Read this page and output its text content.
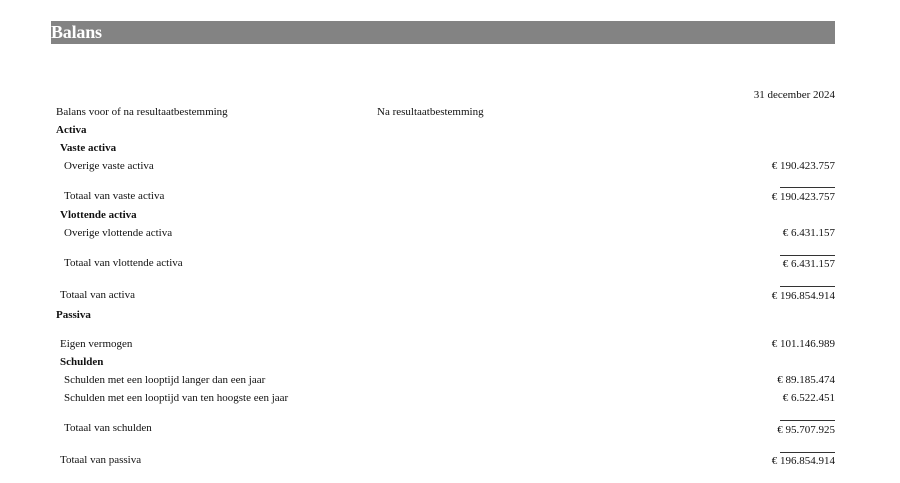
Balans
31 december 2024
Balans voor of na resultaatbestemming	Na resultaatbestemming
Activa
Vaste activa
Overige vaste activa	€ 190.423.757
Totaal van vaste activa	€ 190.423.757
Vlottende activa
Overige vlottende activa	€ 6.431.157
Totaal van vlottende activa	€ 6.431.157
Totaal van activa	€ 196.854.914
Passiva
Eigen vermogen	€ 101.146.989
Schulden
Schulden met een looptijd langer dan een jaar	€ 89.185.474
Schulden met een looptijd van ten hoogste een jaar	€ 6.522.451
Totaal van schulden	€ 95.707.925
Totaal van passiva	€ 196.854.914
